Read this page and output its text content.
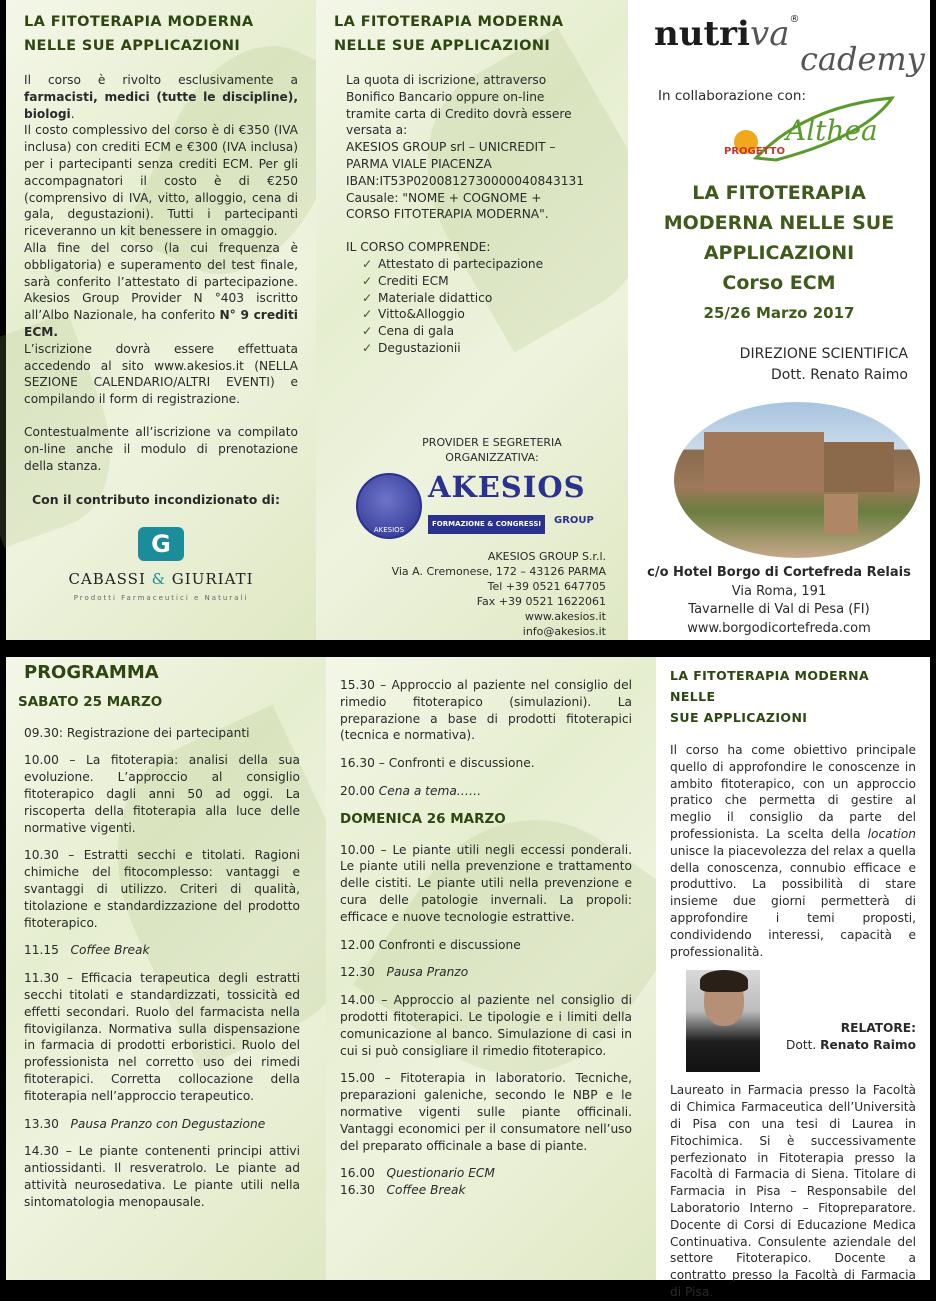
LA FITOTERAPIA MODERNA
NELLE SUE APPLICAZIONI

Il corso è rivolto esclusivamente a farmacisti, medici (tutte le discipline), biologi.

Il costo complessivo del corso è di €350 (IVA inclusa) con crediti ECM e €300 (IVA inclusa) per i partecipanti senza crediti ECM. Per gli accompagnatori il costo è di €250 (comprensivo di IVA, vitto, alloggio, cena di gala, degustazioni). Tutti i partecipanti riceveranno un kit benessere in omaggio.

Alla fine del corso (la cui frequenza è obbligatoria) e superamento del test finale, sarà conferito l’attestato di partecipazione. Akesios Group Provider N °403 iscritto all’Albo Nazionale, ha conferito N° 9 crediti ECM.

L’iscrizione dovrà essere effettuata accedendo al sito www.akesios.it (NELLA SEZIONE CALENDARIO/ALTRI EVENTI) e compilando il form di registrazione.

Contestualmente all’iscrizione va compilato on-line anche il modulo di prenotazione della stanza.

Con il contributo incondizionato di:

G
CABASSI & GIURIATI
Prodotti Farmaceutici e Naturali
LA FITOTERAPIA MODERNA
NELLE SUE APPLICAZIONI
La quota di iscrizione, attraverso
Bonifico Bancario oppure on-line
tramite carta di Credito dovrà essere
versata a:
AKESIOS GROUP srl – UNICREDIT –
PARMA VIALE PIACENZA
IBAN:IT53P0200812730000040843131
Causale: "NOME + COGNOME +
CORSO FITOTERAPIA MODERNA".
IL CORSO COMPRENDE:
✓ Attestato di partecipazione
✓ Crediti ECM
✓ Materiale didattico
✓ Vitto&Alloggio
✓ Cena di gala
✓ Degustazionii
PROVIDER E SEGRETERIA
ORGANIZZATIVA:
AKESIOS
AKESIOS
FORMAZIONE & CONGRESSI	GROUP
AKESIOS GROUP S.r.l.
Via A. Cremonese, 172 – 43126 PARMA
Tel +39 0521 647705
Fax +39 0521 1622061
www.akesios.it
info@akesios.it
nutriva®
cademy
In collaborazione con:
PROGETTO
Althea
LA FITOTERAPIA
MODERNA NELLE SUE
APPLICAZIONI
Corso ECM
25/26 Marzo 2017
DIREZIONE SCIENTIFICA
Dott. Renato Raimo
c/o Hotel Borgo di Cortefreda Relais
Via Roma, 191
Tavarnelle di Val di Pesa (FI)
www.borgodicortefreda.com
PROGRAMMA
SABATO 25 MARZO
09.30: Registrazione dei partecipanti
10.00 – La fitoterapia: analisi della sua evoluzione. L’approccio al consiglio fitoterapico dagli anni 50 ad oggi. La riscoperta della fitoterapia alla luce delle normative vigenti.
10.30 – Estratti secchi e titolati. Ragioni chimiche del fitocomplesso: vantaggi e svantaggi di utilizzo. Criteri di qualità, titolazione e standardizzazione del prodotto fitoterapico.
11.15 Coffee Break
11.30 – Efficacia terapeutica degli estratti secchi titolati e standardizzati, tossicità ed effetti secondari. Ruolo del farmacista nella fitovigilanza. Normativa sulla dispensazione in farmacia di prodotti erboristici. Ruolo del professionista nel corretto uso dei rimedi fitoterapici. Corretta collocazione della fitoterapia nell’approccio terapeutico.
13.30 Pausa Pranzo con Degustazione
14.30 – Le piante contenenti principi attivi antiossidanti. Il resveratrolo. Le piante ad attività neurosedativa. Le piante utili nella sintomatologia menopausale.
15.30 – Approccio al paziente nel consiglio del rimedio fitoterapico (simulazioni). La preparazione a base di prodotti fitoterapici (tecnica e normativa).
16.30 – Confronti e discussione.
20.00 Cena a tema……
DOMENICA 26 MARZO
10.00 – Le piante utili negli eccessi ponderali. Le piante utili nella prevenzione e trattamento delle cistiti. Le piante utili nella prevenzione e cura delle patologie invernali. La propoli: efficace e nuove tecnologie estrattive.
12.00 Confronti e discussione
12.30 Pausa Pranzo
14.00 – Approccio al paziente nel consiglio di prodotti fitoterapici. Le tipologie e i limiti della comunicazione al banco. Simulazione di casi in cui si può consigliare il rimedio fitoterapico.
15.00 – Fitoterapia in laboratorio. Tecniche, preparazioni galeniche, secondo le NBP e le normative vigenti sulle piante officinali. Vantaggi economici per il consumatore nell’uso del preparato officinale a base di piante.
16.00 Questionario ECM
16.30 Coffee Break
LA FITOTERAPIA MODERNA NELLE
SUE APPLICAZIONI

Il corso ha come obiettivo principale quello di approfondire le conoscenze in ambito fitoterapico, con un approccio pratico che permetta di gestire al meglio il consiglio da parte del professionista. La scelta della location unisce la piacevolezza del relax a quella della conoscenza, connubio efficace e produttivo. La possibilità di stare insieme due giorni permetterà di approfondire i temi proposti, condividendo interessi, capacità e professionalità.

RELATORE:
Dott. Renato Raimo

Laureato in Farmacia presso la Facoltà di Chimica Farmaceutica dell’Università di Pisa con una tesi di Laurea in Fitochimica. Si è successivamente perfezionato in Fitoterapia presso la Facoltà di Farmacia di Siena. Titolare di Farmacia in Pisa – Responsabile del Laboratorio Interno – Fitopreparatore. Docente di Corsi di Educazione Medica Continuativa. Consulente aziendale del settore Fitoterapico. Docente a contratto presso la Facoltà di Farmacia di Pisa.
